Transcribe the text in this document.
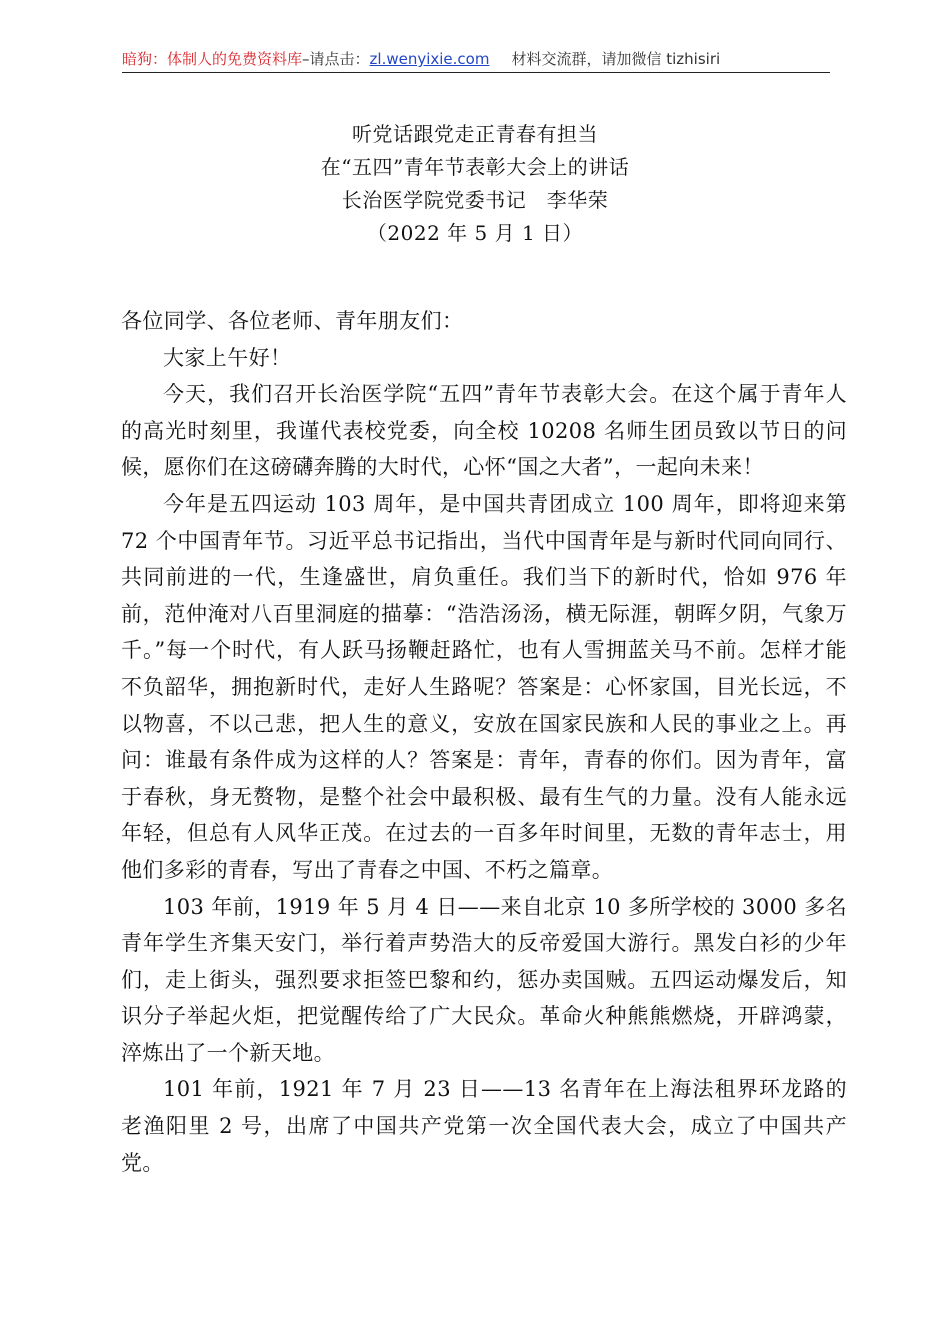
暗狗：体制人的免费资料库–请点击：zl.wenyixie.com 材料交流群，请加微信 tizhisiri
听党话跟党走正青春有担当
在“五四”青年节表彰大会上的讲话
长治医学院党委书记　李华荣
（2022 年 5 月 1 日）

各位同学、各位老师、青年朋友们：

大家上午好！

今天，我们召开长治医学院“五四”青年节表彰大会。在这个属于青年人的高光时刻里，我谨代表校党委，向全校 10208 名师生团员致以节日的问候，愿你们在这磅礴奔腾的大时代，心怀“国之大者”，一起向未来！

今年是五四运动 103 周年，是中国共青团成立 100 周年，即将迎来第 72 个中国青年节。习近平总书记指出，当代中国青年是与新时代同向同行、共同前进的一代，生逢盛世，肩负重任。我们当下的新时代，恰如 976 年前，范仲淹对八百里洞庭的描摹：“浩浩汤汤，横无际涯，朝晖夕阴，气象万千。”每一个时代，有人跃马扬鞭赶路忙，也有人雪拥蓝关马不前。怎样才能不负韶华，拥抱新时代，走好人生路呢？答案是：心怀家国，目光长远，不以物喜，不以己悲，把人生的意义，安放在国家民族和人民的事业之上。再问：谁最有条件成为这样的人？答案是：青年，青春的你们。因为青年，富于春秋，身无赘物，是整个社会中最积极、最有生气的力量。没有人能永远年轻，但总有人风华正茂。在过去的一百多年时间里，无数的青年志士，用他们多彩的青春，写出了青春之中国、不朽之篇章。

103 年前，1919 年 5 月 4 日——来自北京 10 多所学校的 3000 多名青年学生齐集天安门，举行着声势浩大的反帝爱国大游行。黑发白衫的少年们，走上街头，强烈要求拒签巴黎和约，惩办卖国贼。五四运动爆发后，知识分子举起火炬，把觉醒传给了广大民众。革命火种熊熊燃烧，开辟鸿蒙，淬炼出了一个新天地。

101 年前，1921 年 7 月 23 日——13 名青年在上海法租界环龙路的老渔阳里 2 号，出席了中国共产党第一次全国代表大会，成立了中国共产党。
